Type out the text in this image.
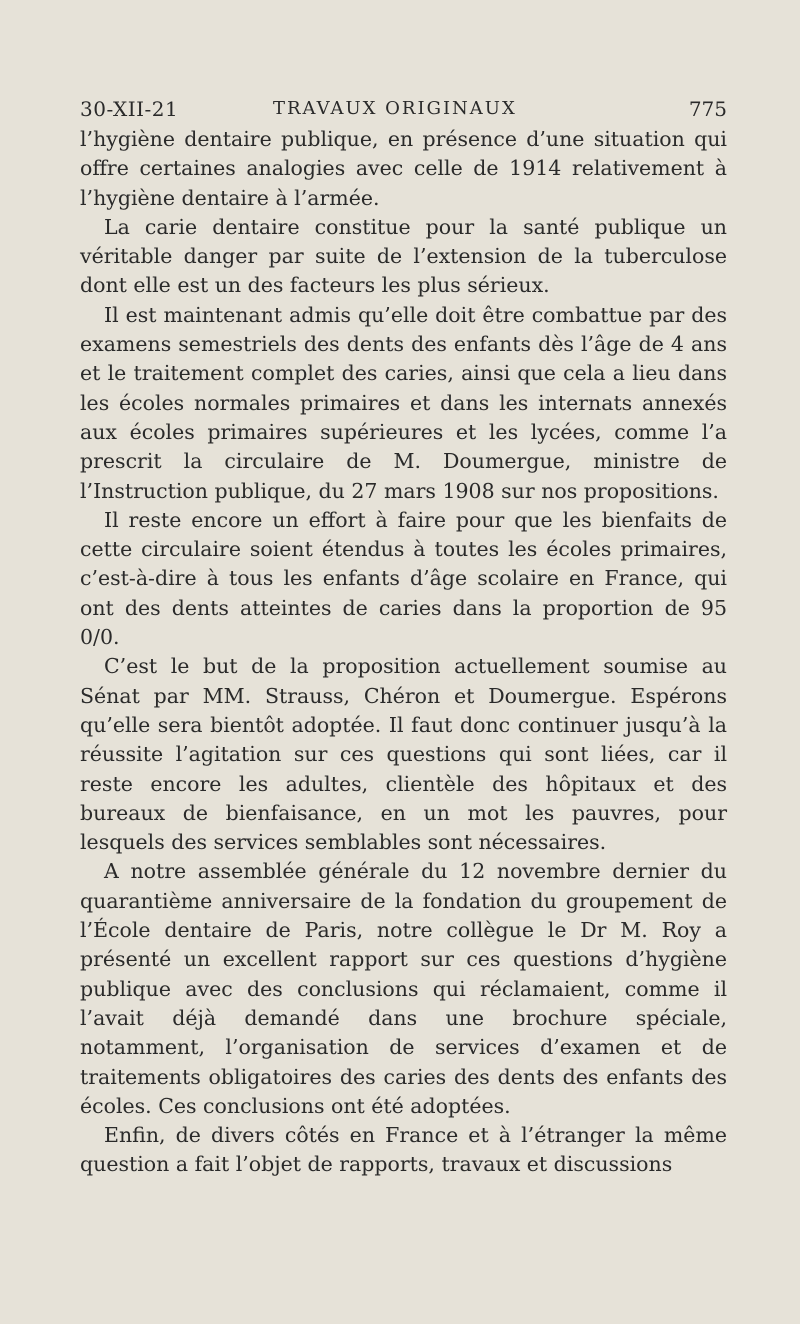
30-XII-21	TRAVAUX ORIGINAUX	775

l’hygiène dentaire publique, en présence d’une situation qui offre certaines analogies avec celle de 1914 relativement à l’hygiène dentaire à l’armée.

La carie dentaire constitue pour la santé publique un véritable danger par suite de l’extension de la tuberculose dont elle est un des facteurs les plus sérieux.

Il est maintenant admis qu’elle doit être combattue par des examens semestriels des dents des enfants dès l’âge de 4 ans et le traitement complet des caries, ainsi que cela a lieu dans les écoles normales primaires et dans les internats annexés aux écoles primaires supérieures et les lycées, comme l’a prescrit la circulaire de M. Doumergue, ministre de l’Instruction publique, du 27 mars 1908 sur nos propositions.

Il reste encore un effort à faire pour que les bienfaits de cette circulaire soient étendus à toutes les écoles primaires, c’est-à-dire à tous les enfants d’âge scolaire en France, qui ont des dents atteintes de caries dans la proportion de 95 0/0.

C’est le but de la proposition actuellement soumise au Sénat par MM. Strauss, Chéron et Doumergue. Espérons qu’elle sera bientôt adoptée. Il faut donc continuer jusqu’à la réussite l’agitation sur ces questions qui sont liées, car il reste encore les adultes, clientèle des hôpitaux et des bureaux de bienfaisance, en un mot les pauvres, pour lesquels des services semblables sont nécessaires.

A notre assemblée générale du 12 novembre dernier du quarantième anniversaire de la fondation du groupement de l’École dentaire de Paris, notre collègue le Dr M. Roy a présenté un excellent rapport sur ces questions d’hygiène publique avec des conclusions qui réclamaient, comme il l’avait déjà demandé dans une brochure spéciale, notamment, l’organisation de services d’examen et de traitements obligatoires des caries des dents des enfants des écoles. Ces conclusions ont été adoptées.

Enfin, de divers côtés en France et à l’étranger la même question a fait l’objet de rapports, travaux et discussions
